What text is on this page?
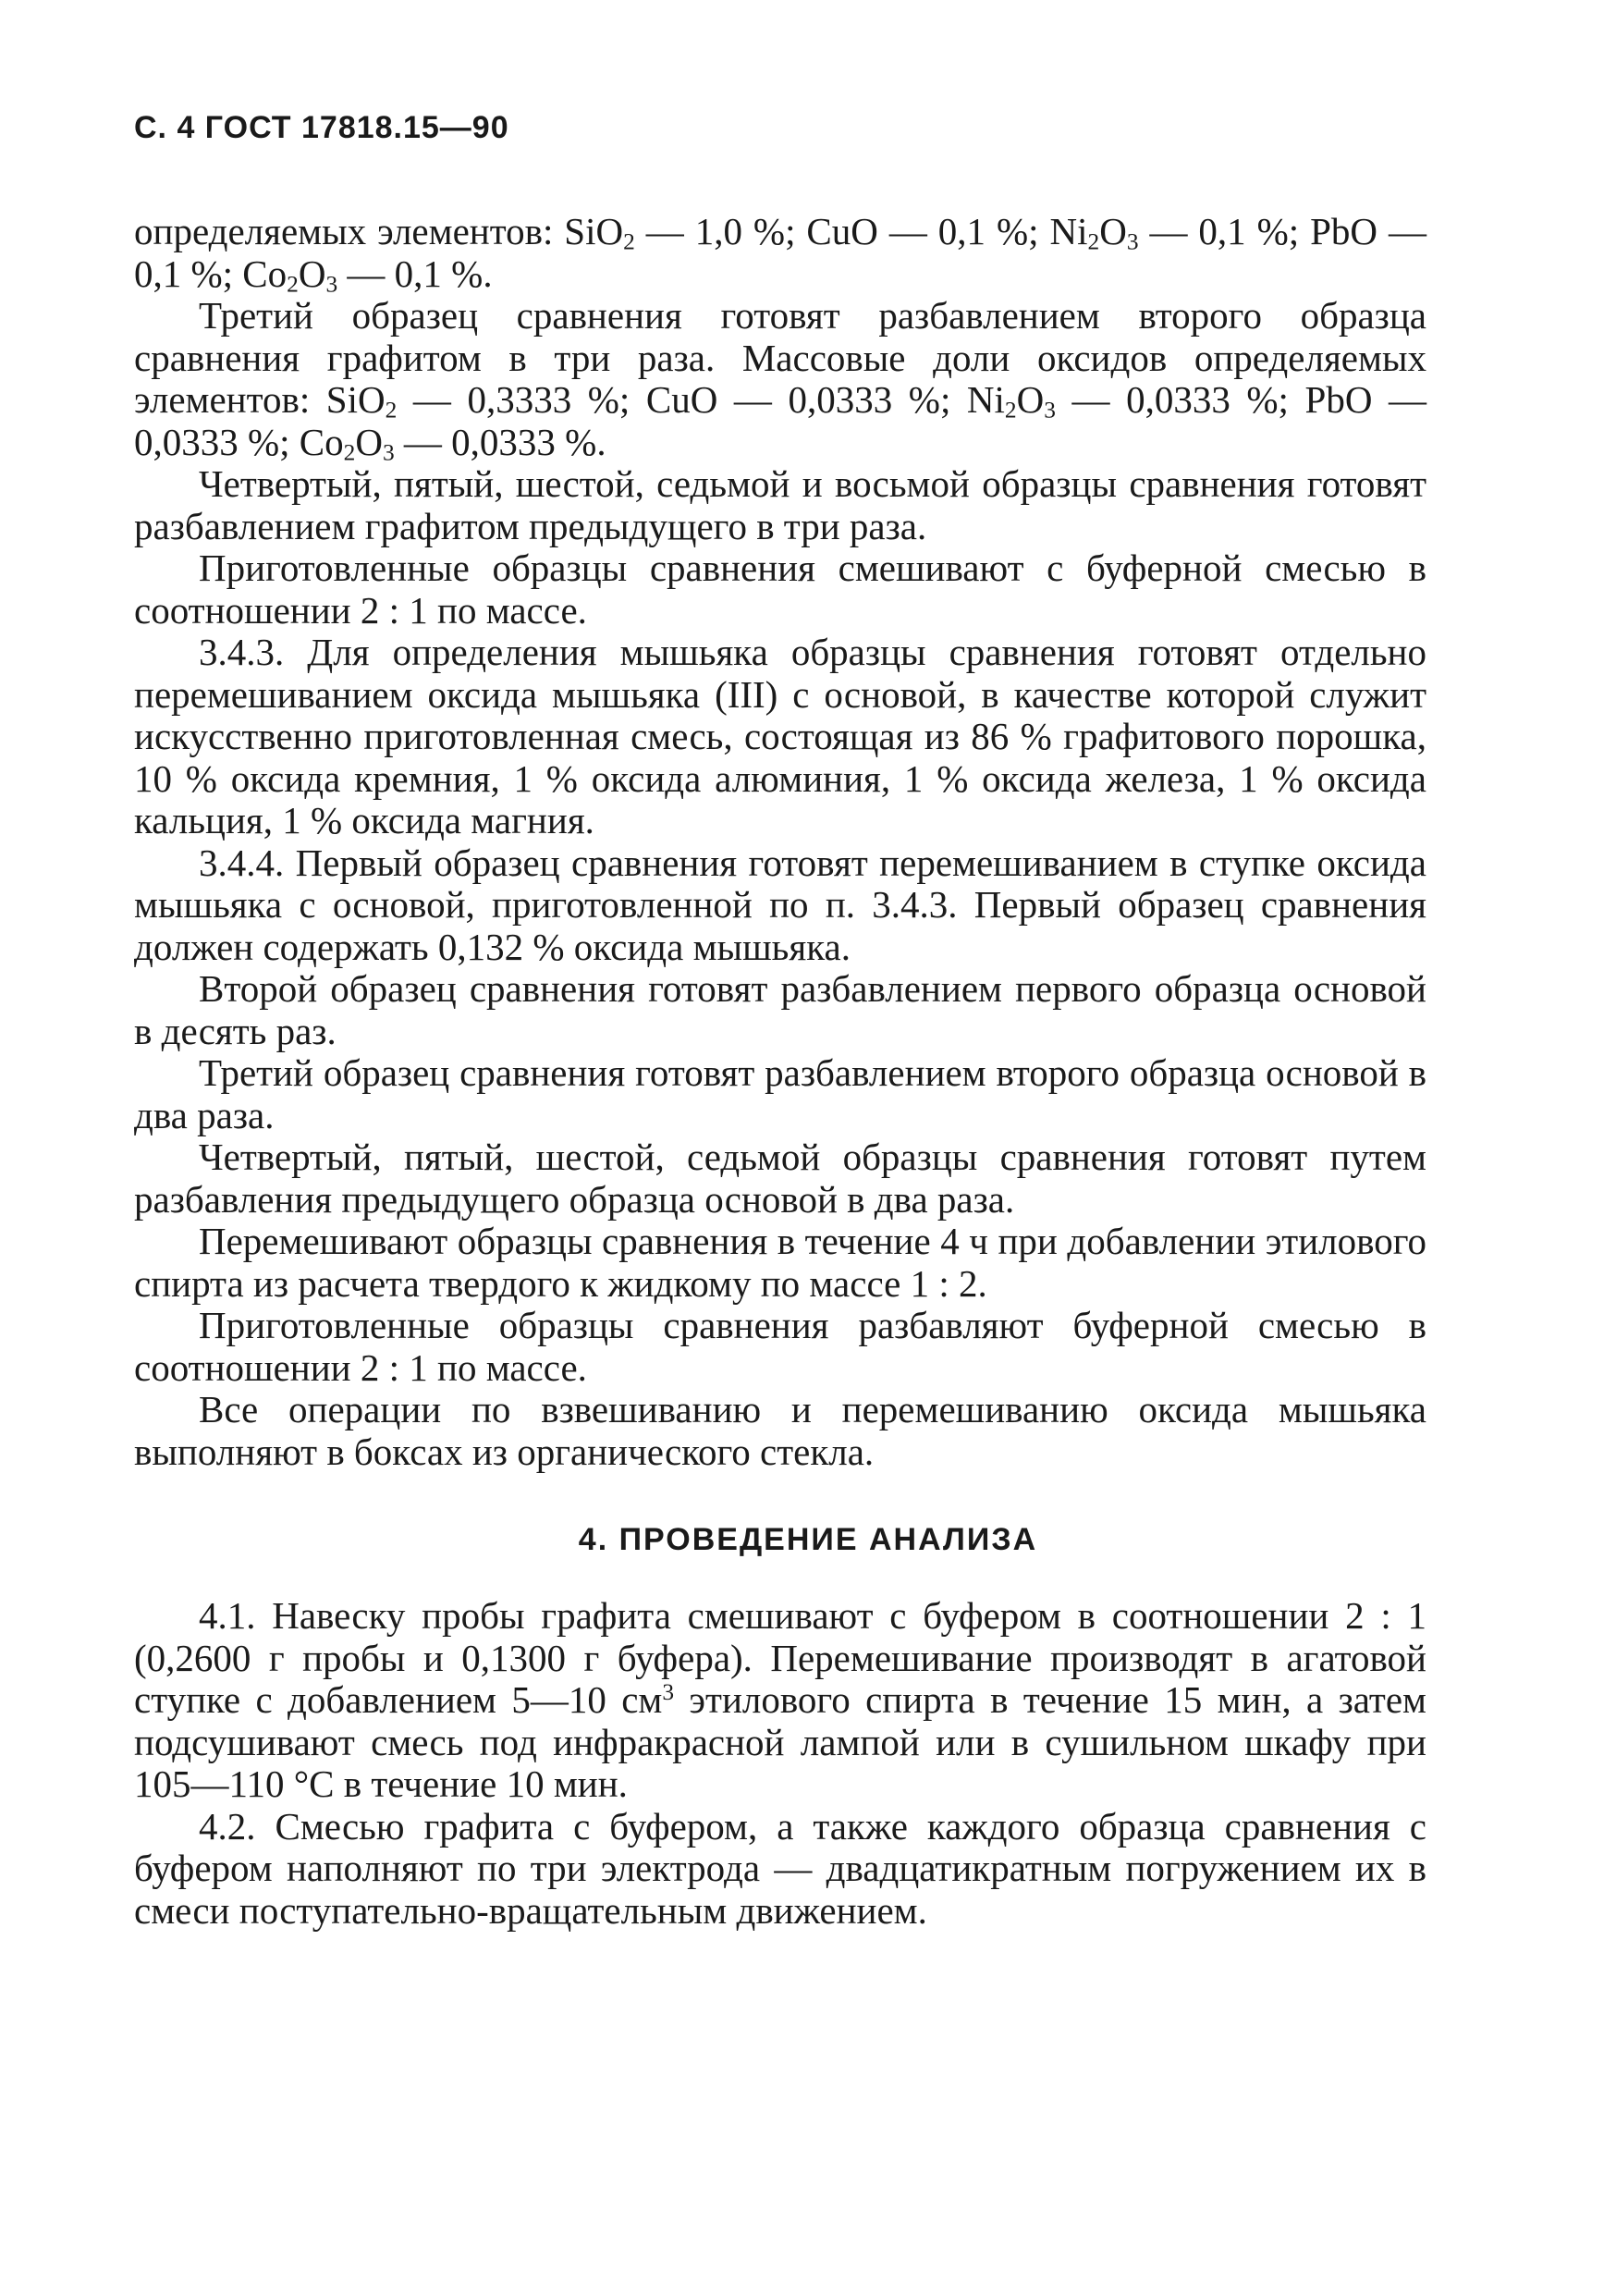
С. 4 ГОСТ 17818.15—90

определяемых элементов: SiO$_2$ — 1,0 %; CuO — 0,1 %; $Ni_2O_3$ — 0,1 %; PbO — 0,1 %; $Co_2O_3$ — 0,1 %.

Третий образец сравнения готовят разбавлением второго образца сравнения графитом в три раза. Массовые доли оксидов определяемых элементов: SiO$_2$ — 0,3333 %; CuO — 0,0333 %; $Ni_2O_3$ — 0,0333 %; PbO — 0,0333 %; $Co_2O_3$ — 0,0333 %.

Четвертый, пятый, шестой, седьмой и восьмой образцы сравнения готовят разбавлением графитом предыдущего в три раза.

Приготовленные образцы сравнения смешивают с буферной смесью в соотношении 2 : 1 по массе.

3.4.3. Для определения мышьяка образцы сравнения готовят отдельно перемешиванием оксида мышьяка (III) с основой, в качестве которой служит искусственно приготовленная смесь, состоящая из 86 % графитового порошка, 10 % оксида кремния, 1 % оксида алюминия, 1 % оксида железа, 1 % оксида кальция, 1 % оксида магния.

3.4.4. Первый образец сравнения готовят перемешиванием в ступке оксида мышьяка с основой, приготовленной по п. 3.4.3. Первый образец сравнения должен содержать 0,132 % оксида мышьяка.

Второй образец сравнения готовят разбавлением первого образца основой в десять раз.

Третий образец сравнения готовят разбавлением второго образца основой в два раза.

Четвертый, пятый, шестой, седьмой образцы сравнения готовят путем разбавления предыдущего образца основой в два раза.

Перемешивают образцы сравнения в течение 4 ч при добавлении этилового спирта из расчета твердого к жидкому по массе 1 : 2.

Приготовленные образцы сравнения разбавляют буферной смесью в соотношении 2 : 1 по массе.

Все операции по взвешиванию и перемешиванию оксида мышьяка выполняют в боксах из органического стекла.

4. ПРОВЕДЕНИЕ АНАЛИЗА

4.1. Навеску пробы графита смешивают с буфером в соотношении 2 : 1 (0,2600 г пробы и 0,1300 г буфера). Перемешивание производят в агатовой ступке с добавлением 5—10 $см^3$ этилового спирта в течение 15 мин, а затем подсушивают смесь под инфракрасной лампой или в сушильном шкафу при 105—110 °С в течение 10 мин.

4.2. Смесью графита с буфером, а также каждого образца сравнения с буфером наполняют по три электрода — двадцатикратным погружением их в смеси поступательно-вращательным движением.
